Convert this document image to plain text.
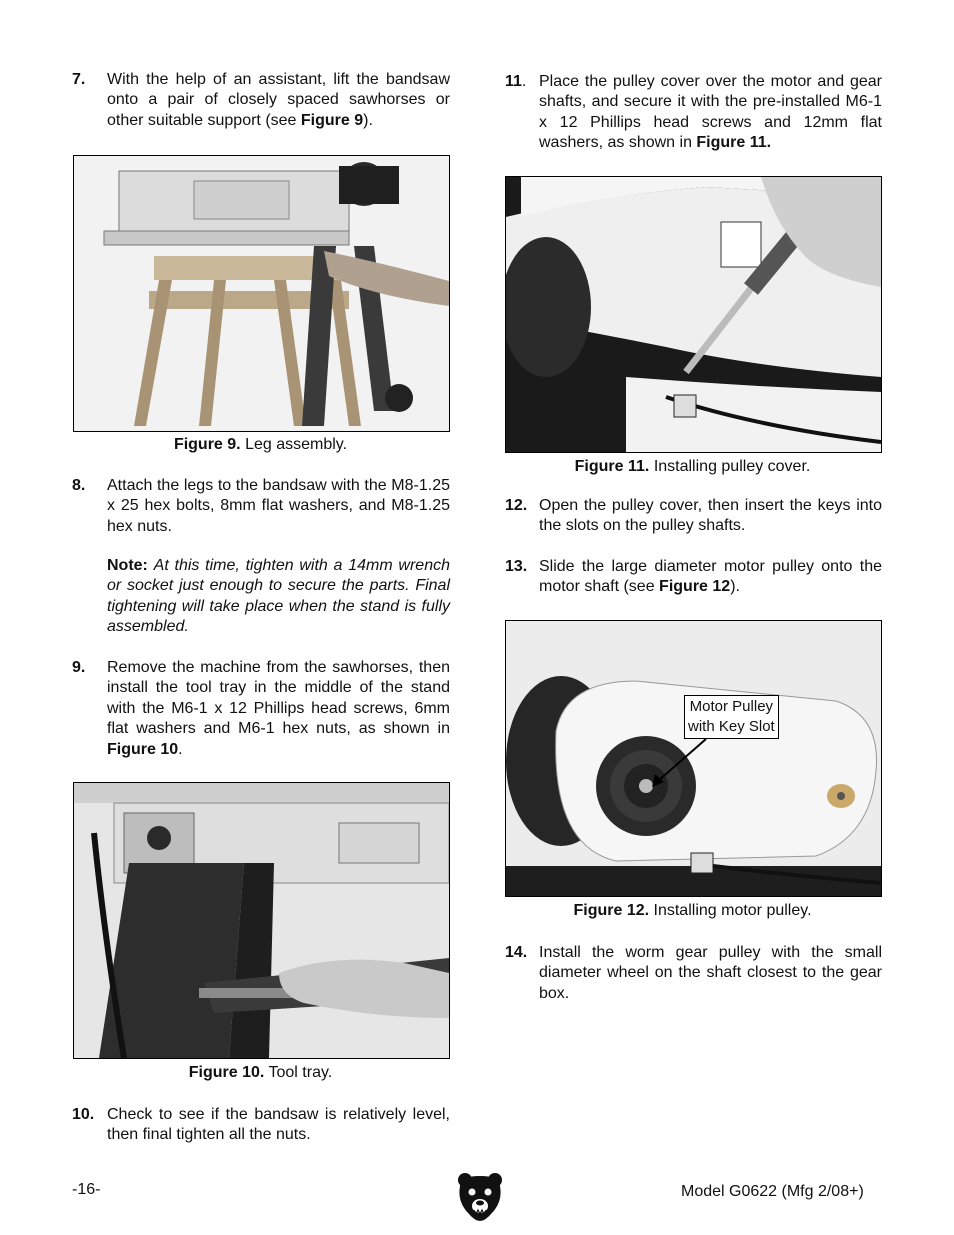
7. With the help of an assistant, lift the bandsaw onto a pair of closely spaced sawhorses or other suitable support (see Figure 9).
Figure 9. Leg assembly.
8. Attach the legs to the bandsaw with the M8-1.25 x 25 hex bolts, 8mm flat washers, and M8-1.25 hex nuts.
Note: At this time, tighten with a 14mm wrench or socket just enough to secure the parts. Final tightening will take place when the stand is fully assembled.
9. Remove the machine from the sawhorses, then install the tool tray in the middle of the stand with the M6-1 x 12 Phillips head screws, 6mm flat washers and M6-1 hex nuts, as shown in Figure 10.
Figure 10. Tool tray.
10. Check to see if the bandsaw is relatively level, then final tighten all the nuts.
11. Place the pulley cover over the motor and gear shafts, and secure it with the pre-installed M6-1 x 12 Phillips head screws and 12mm flat washers, as shown in Figure 11.
Figure 11. Installing pulley cover.
12. Open the pulley cover, then insert the keys into the slots on the pulley shafts.
13. Slide the large diameter motor pulley onto the motor shaft (see Figure 12).
Motor Pulley
with Key Slot
Figure 12. Installing motor pulley.
14. Install the worm gear pulley with the small diameter wheel on the shaft closest to the gear box.
-16-	Model G0622 (Mfg 2/08+)
